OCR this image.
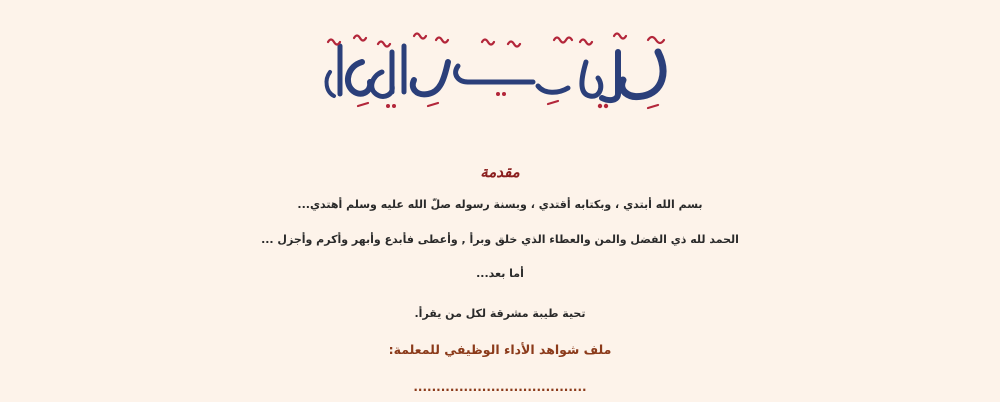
مقدمة
بسم الله أبتدي ، وبكتابه أقتدي ، وبسنة رسوله صلّ الله عليه وسلم أهتدي...
الحمد لله ذي الفضل والمن والعطاء الذي خلق وبرأ , وأعطى فأبدع وأبهر وأكرم وأجزل ...
أما بعد...
تحية طيبة مشرقة لكل من يقرأ.
ملف شواهد الأداء الوظيفي للمعلمة:
......................................
